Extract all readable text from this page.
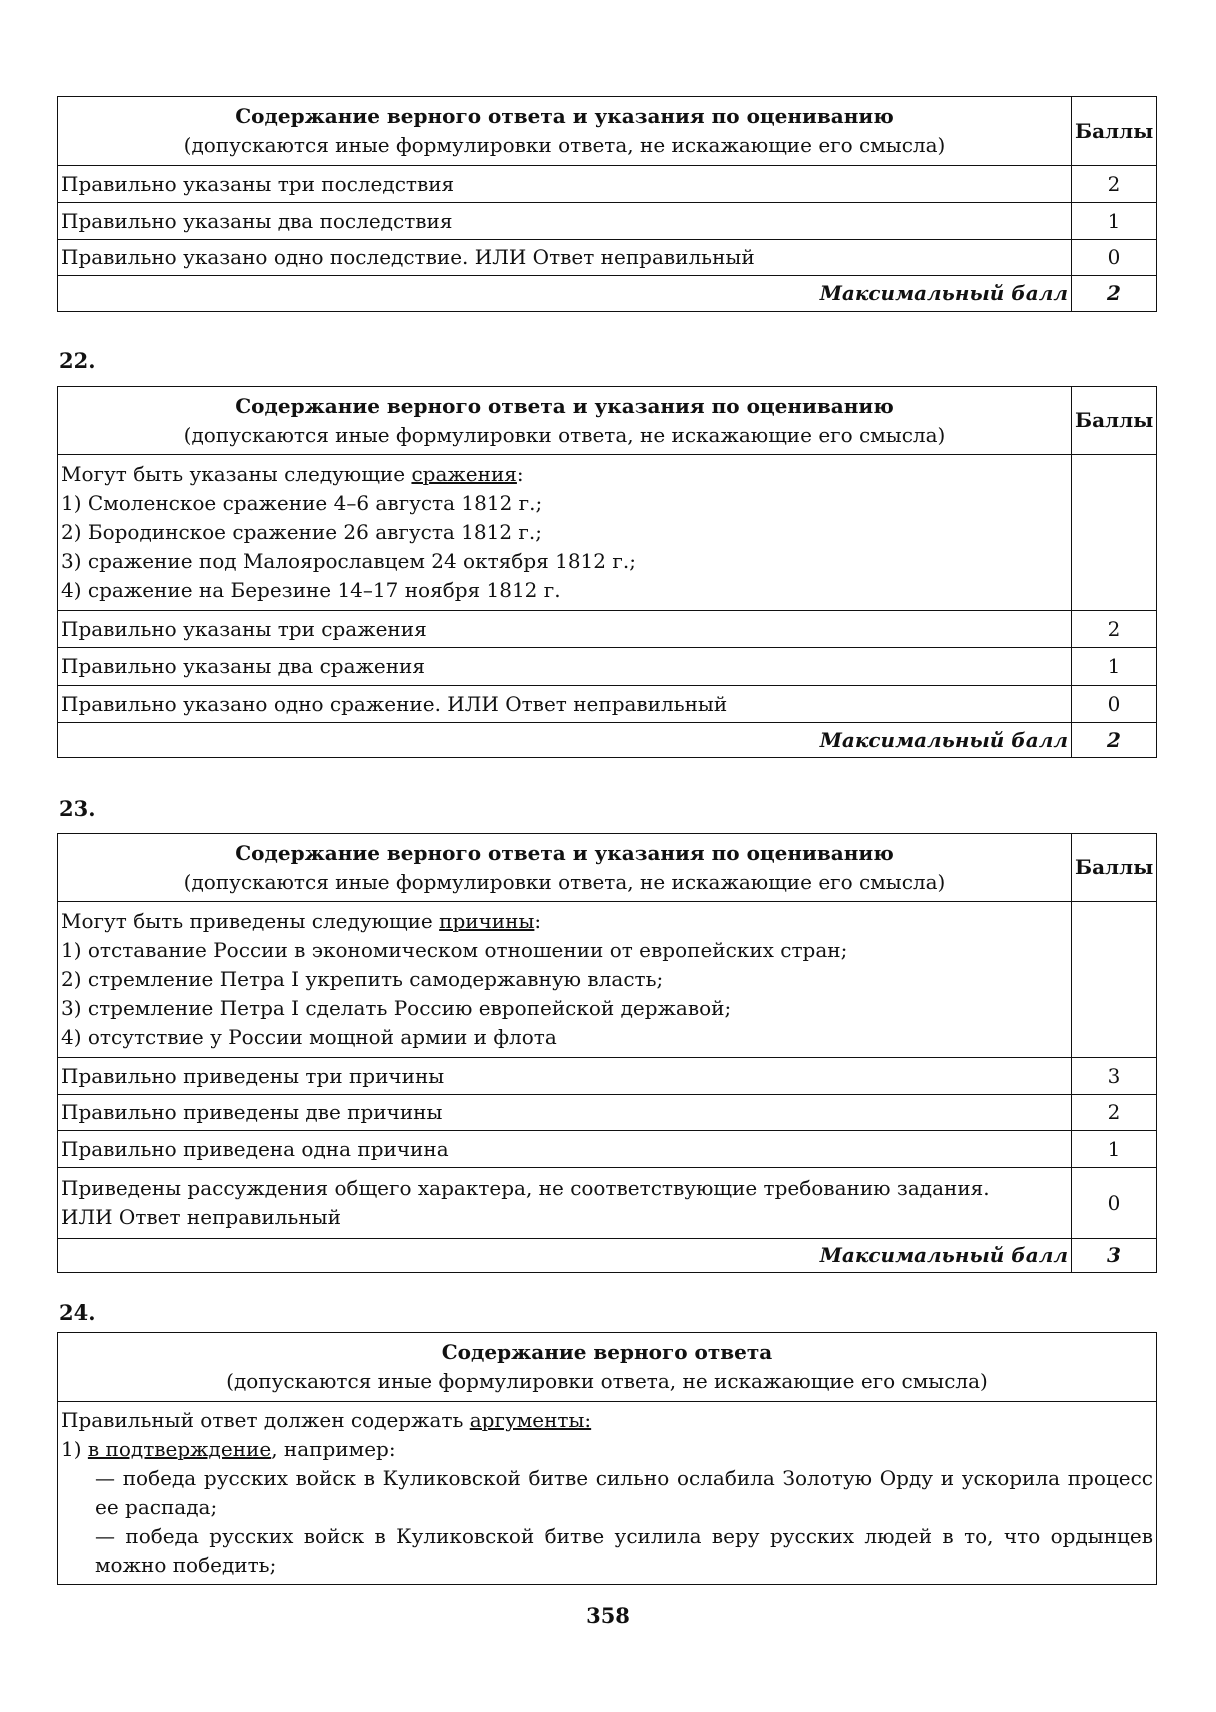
Содержание верного ответа и указания по оцениванию
(допускаются иные формулировки ответа, не искажающие его смысла)	Баллы
Правильно указаны три последствия	2
Правильно указаны два последствия	1
Правильно указано одно последствие. ИЛИ Ответ неправильный	0
Максимальный балл	2
22.
Содержание верного ответа и указания по оцениванию
(допускаются иные формулировки ответа, не искажающие его смысла)	Баллы

Могут быть указаны следующие сражения:
1) Смоленское сражение 4–6 августа 1812 г.;
2) Бородинское сражение 26 августа 1812 г.;
3) сражение под Малоярославцем 24 октября 1812 г.;
4) сражение на Березине 14–17 ноября 1812 г.	

Правильно указаны три сражения	2
Правильно указаны два сражения	1
Правильно указано одно сражение. ИЛИ Ответ неправильный	0
Максимальный балл	2
23.
Содержание верного ответа и указания по оцениванию
(допускаются иные формулировки ответа, не искажающие его смысла)	Баллы

Могут быть приведены следующие причины:
1) отставание России в экономическом отношении от европейских стран;
2) стремление Петра I укрепить самодержавную власть;
3) стремление Петра I сделать Россию европейской державой;
4) отсутствие у России мощной армии и флота	

Правильно приведены три причины	3
Правильно приведены две причины	2
Правильно приведена одна причина	1

Приведены рассуждения общего характера, не соответствующие требованию задания.
ИЛИ Ответ неправильный	0
Максимальный балл	3
24.
Содержание верного ответа
(допускаются иные формулировки ответа, не искажающие его смысла)

Правильный ответ должен содержать аргументы:
1) в подтверждение, например:
— победа русских войск в Куликовской битве сильно ослабила Золотую Орду и ускорила процесс ее распада;
— победа русских войск в Куликовской битве усилила веру русских людей в то, что ордынцев можно победить;
358
